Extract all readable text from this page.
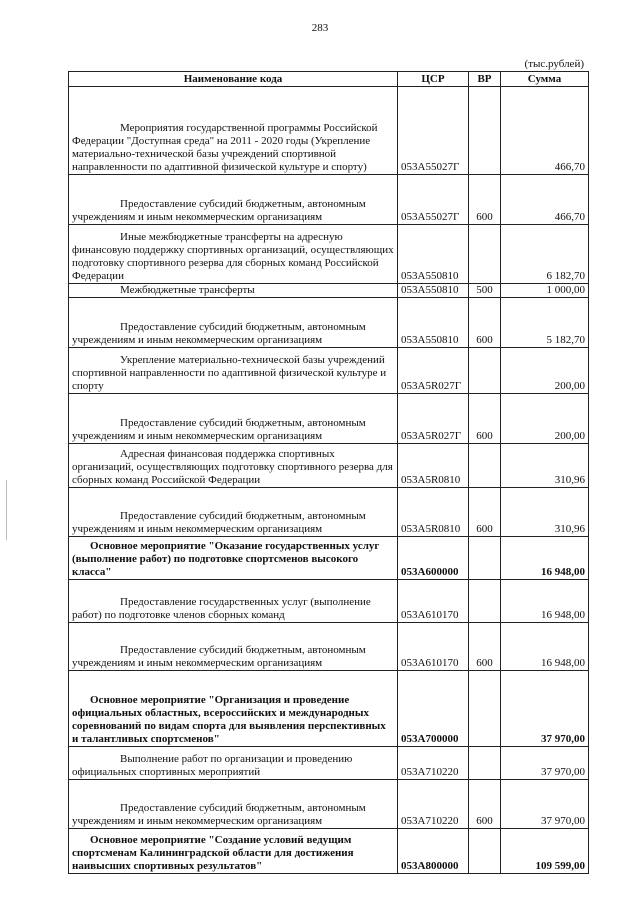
283
(тыс.рублей)
Наименование кода	ЦСР	ВР	Сумма
Мероприятия государственной программы Российской Федерации "Доступная среда" на 2011 - 2020 годы (Укрепление материально-технической базы учреждений спортивной направленности по адаптивной физической культуре и спорту)	053А55027Г		466,70
Предоставление субсидий бюджетным, автономным учреждениям и иным некоммерческим организациям	053А55027Г	600	466,70
Иные межбюджетные трансферты на адресную финансовую поддержку спортивных организаций, осуществляющих подготовку спортивного резерва для сборных команд Российской Федерации	053А550810		6 182,70
Межбюджетные трансферты	053А550810	500	1 000,00
Предоставление субсидий бюджетным, автономным учреждениям и иным некоммерческим организациям	053А550810	600	5 182,70
Укрепление материально-технической базы учреждений спортивной направленности по адаптивной физической культуре и спорту	053А5R027Г		200,00
Предоставление субсидий бюджетным, автономным учреждениям и иным некоммерческим организациям	053А5R027Г	600	200,00
Адресная финансовая поддержка спортивных организаций, осуществляющих подготовку спортивного резерва для сборных команд Российской Федерации	053А5R0810		310,96
Предоставление субсидий бюджетным, автономным учреждениям и иным некоммерческим организациям	053А5R0810	600	310,96
Основное мероприятие "Оказание государственных услуг (выполнение работ) по подготовке спортсменов высокого класса"	053А600000		16 948,00
Предоставление государственных услуг (выполнение работ) по подготовке членов сборных команд	053А610170		16 948,00
Предоставление субсидий бюджетным, автономным учреждениям и иным некоммерческим организациям	053А610170	600	16 948,00
Основное мероприятие "Организация и проведение официальных областных, всероссийских и международных соревнований по видам спорта для выявления перспективных и талантливых спортсменов"	053А700000		37 970,00
Выполнение работ по организации и проведению официальных спортивных мероприятий	053А710220		37 970,00
Предоставление субсидий бюджетным, автономным учреждениям и иным некоммерческим организациям	053А710220	600	37 970,00
Основное мероприятие "Создание условий ведущим спортсменам Калининградской области для достижения наивысших спортивных результатов"	053А800000		109 599,00
